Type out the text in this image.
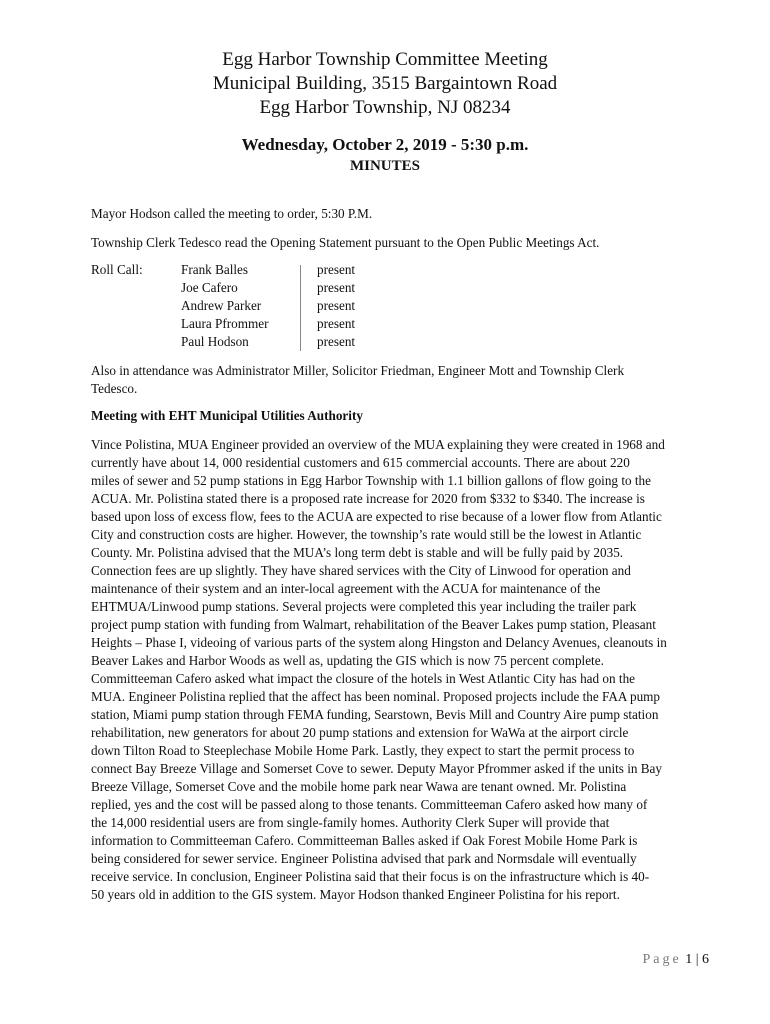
Egg Harbor Township Committee Meeting

Municipal Building, 3515 Bargaintown Road

Egg Harbor Township, NJ 08234

Wednesday, October 2, 2019 - 5:30 p.m.
MINUTES

Mayor Hodson called the meeting to order, 5:30 P.M.

Township Clerk Tedesco read the Opening Statement pursuant to the Open Public Meetings Act.

Roll Call:	Frank Balles
Joe Cafero
Andrew Parker
Laura Pfrommer
Paul Hodson
present
present
present
present
present
Also in attendance was Administrator Miller, Solicitor Friedman, Engineer Mott and Township Clerk
Tedesco.
Meeting with EHT Municipal Utilities Authority
Vince Polistina, MUA Engineer provided an overview of the MUA explaining they were created in 1968 and
currently have about 14, 000 residential customers and 615 commercial accounts. There are about 220
miles of sewer and 52 pump stations in Egg Harbor Township with 1.1 billion gallons of flow going to the
ACUA. Mr. Polistina stated there is a proposed rate increase for 2020 from $332 to $340. The increase is
based upon loss of excess flow, fees to the ACUA are expected to rise because of a lower flow from Atlantic
City and construction costs are higher. However, the township’s rate would still be the lowest in Atlantic
County. Mr. Polistina advised that the MUA’s long term debt is stable and will be fully paid by 2035.
Connection fees are up slightly. They have shared services with the City of Linwood for operation and
maintenance of their system and an inter-local agreement with the ACUA for maintenance of the
EHTMUA/Linwood pump stations. Several projects were completed this year including the trailer park
project pump station with funding from Walmart, rehabilitation of the Beaver Lakes pump station, Pleasant
Heights – Phase I, videoing of various parts of the system along Hingston and Delancy Avenues, cleanouts in
Beaver Lakes and Harbor Woods as well as, updating the GIS which is now 75 percent complete.
Committeeman Cafero asked what impact the closure of the hotels in West Atlantic City has had on the
MUA. Engineer Polistina replied that the affect has been nominal. Proposed projects include the FAA pump
station, Miami pump station through FEMA funding, Searstown, Bevis Mill and Country Aire pump station
rehabilitation, new generators for about 20 pump stations and extension for WaWa at the airport circle
down Tilton Road to Steeplechase Mobile Home Park. Lastly, they expect to start the permit process to
connect Bay Breeze Village and Somerset Cove to sewer. Deputy Mayor Pfrommer asked if the units in Bay
Breeze Village, Somerset Cove and the mobile home park near Wawa are tenant owned. Mr. Polistina
replied, yes and the cost will be passed along to those tenants. Committeeman Cafero asked how many of
the 14,000 residential users are from single-family homes. Authority Clerk Super will provide that
information to Committeeman Cafero. Committeeman Balles asked if Oak Forest Mobile Home Park is
being considered for sewer service. Engineer Polistina advised that park and Normsdale will eventually
receive service. In conclusion, Engineer Polistina said that their focus is on the infrastructure which is 40-
50 years old in addition to the GIS system. Mayor Hodson thanked Engineer Polistina for his report.
Page 1 | 6
